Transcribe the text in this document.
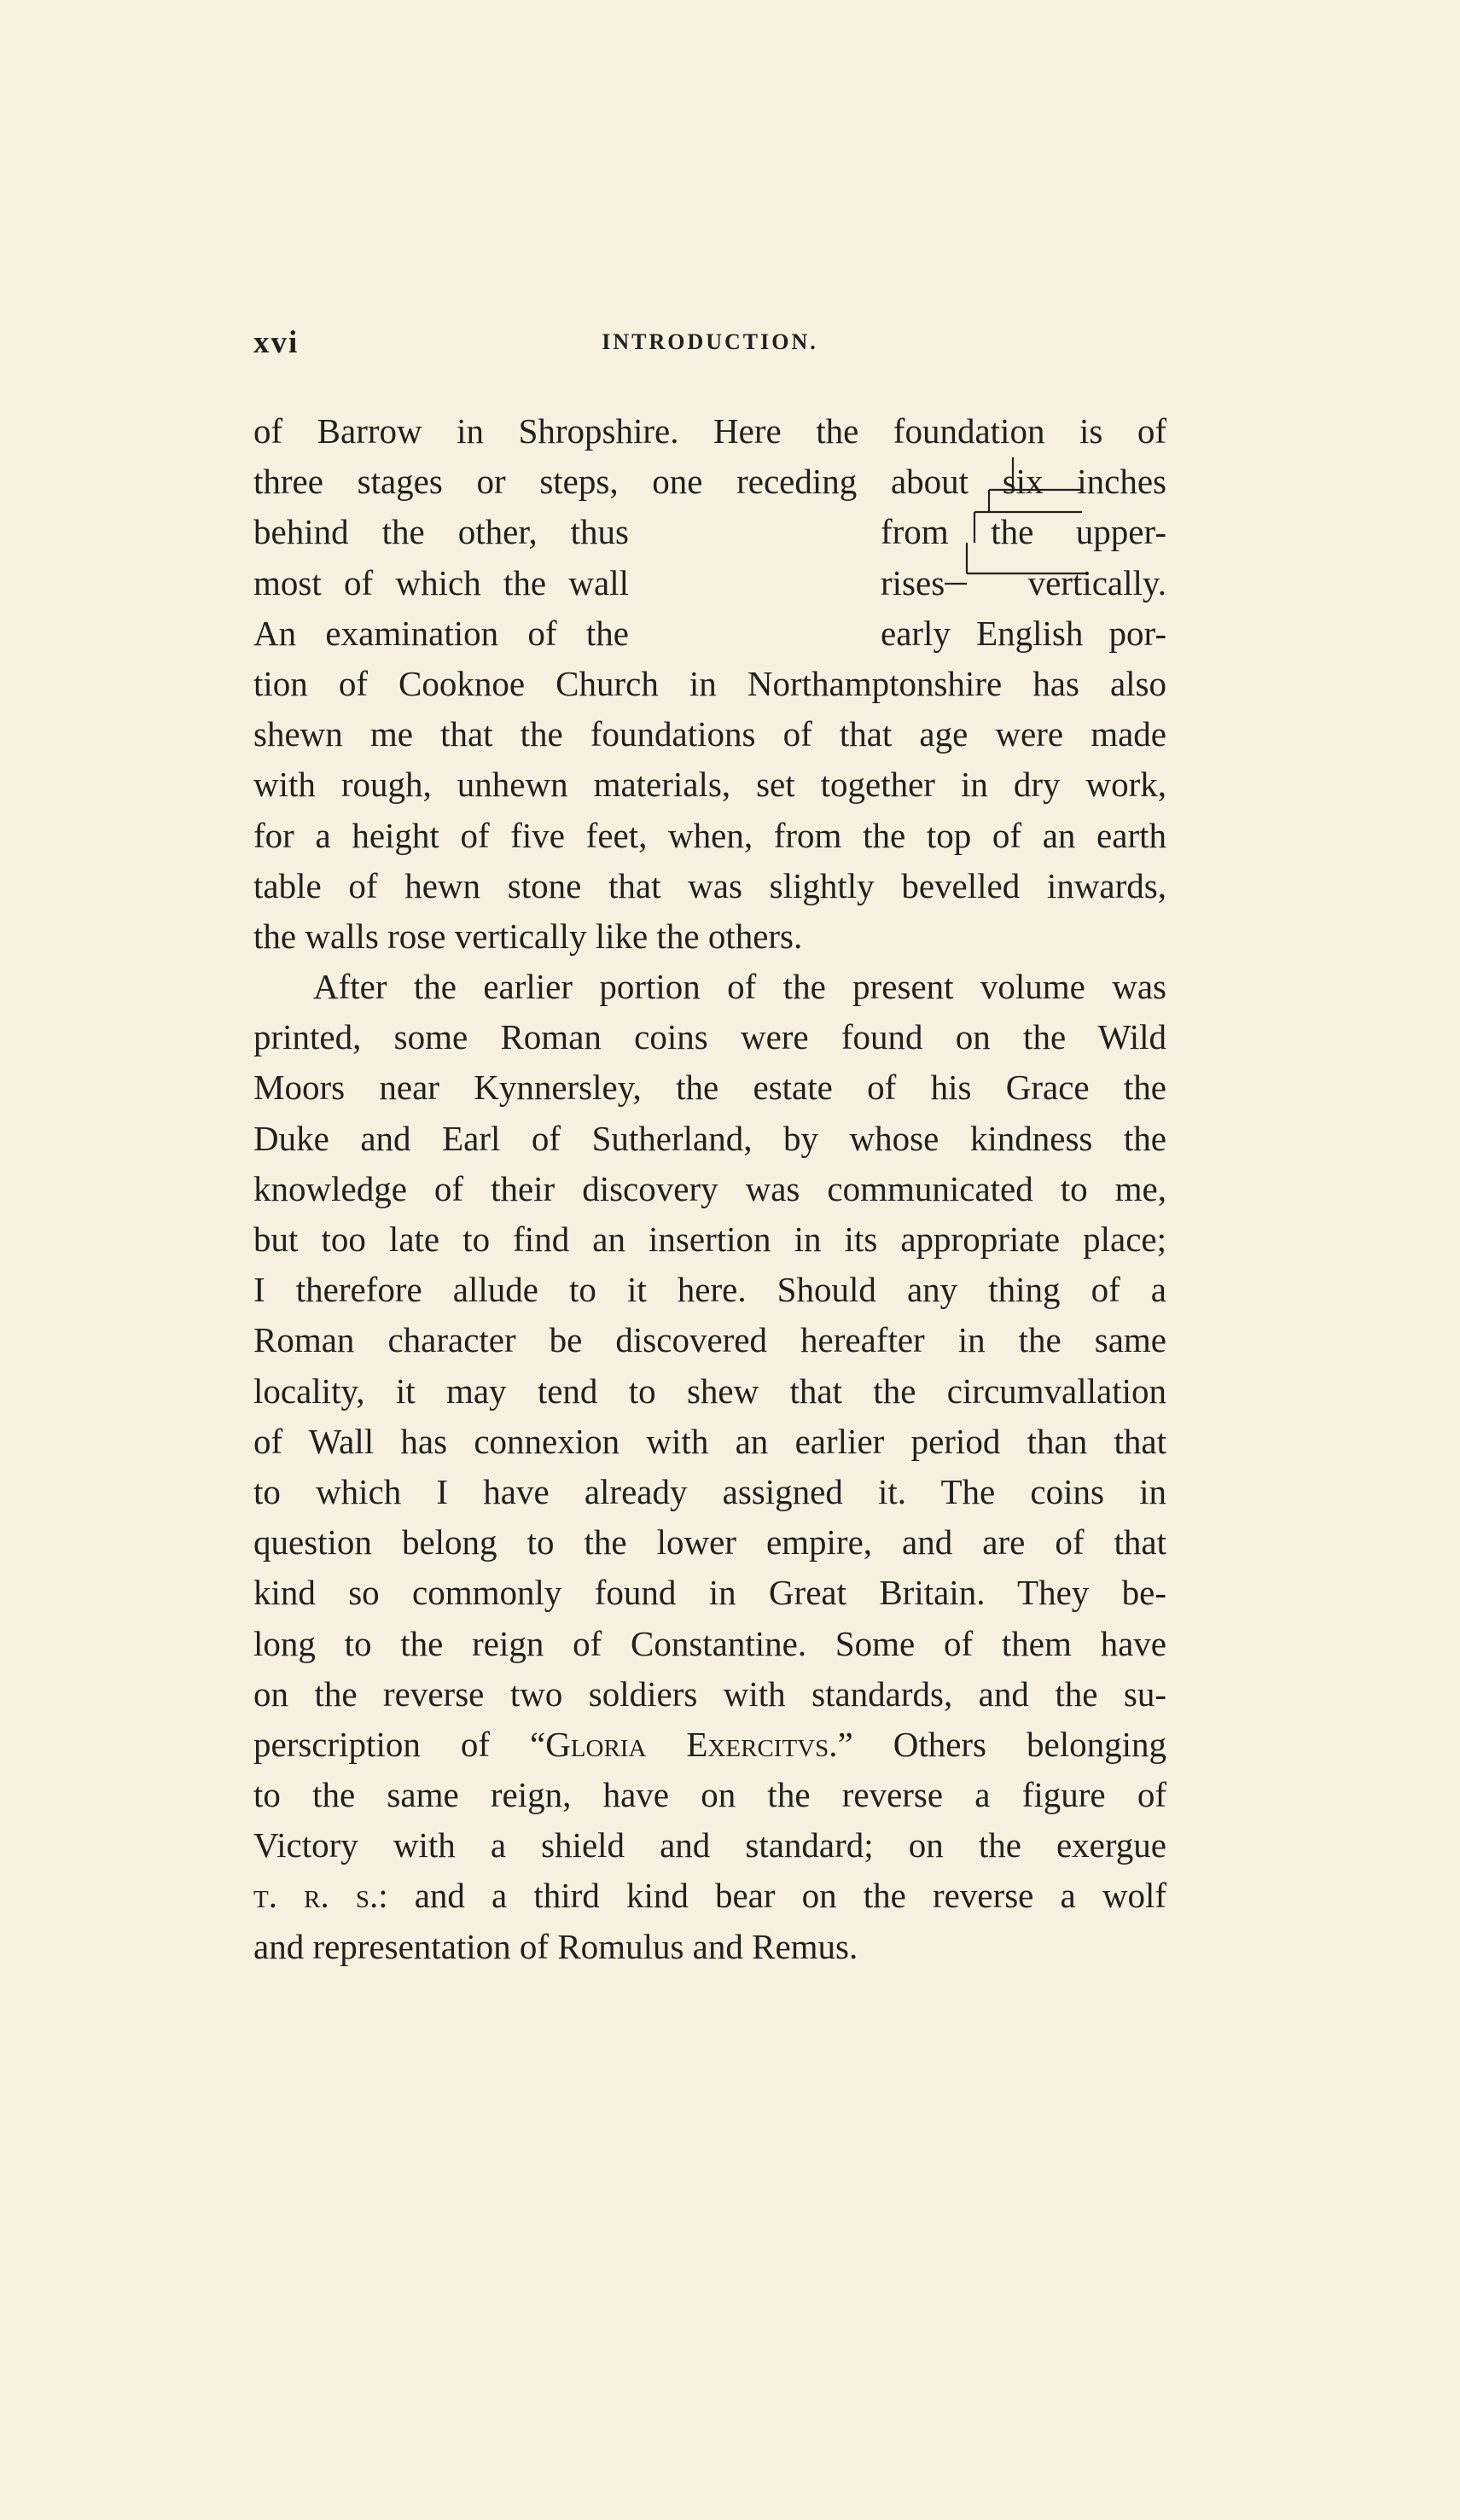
xvi	INTRODUCTION.
of Barrow in Shropshire. Here the foundation is of
three stages or steps, one receding about six inches
behind the other, thus	from the upper-
most of which the wall	rises vertically.
An examination of the	early English por-
tion of Cooknoe Church in Northamptonshire has also
shewn me that the foundations of that age were made
with rough, unhewn materials, set together in dry work,
for a height of five feet, when, from the top of an earth
table of hewn stone that was slightly bevelled inwards,
the walls rose vertically like the others.
After the earlier portion of the present volume was
printed, some Roman coins were found on the Wild
Moors near Kynnersley, the estate of his Grace the
Duke and Earl of Sutherland, by whose kindness the
knowledge of their discovery was communicated to me,
but too late to find an insertion in its appropriate place;
I therefore allude to it here. Should any thing of a
Roman character be discovered hereafter in the same
locality, it may tend to shew that the circumvallation
of Wall has connexion with an earlier period than that
to which I have already assigned it. The coins in
question belong to the lower empire, and are of that
kind so commonly found in Great Britain. They be-
long to the reign of Constantine. Some of them have
on the reverse two soldiers with standards, and the su-
perscription of “Gloria Exercitvs.” Others belonging
to the same reign, have on the reverse a figure of
Victory with a shield and standard; on the exergue
t. r. s.: and a third kind bear on the reverse a wolf
and representation of Romulus and Remus.
